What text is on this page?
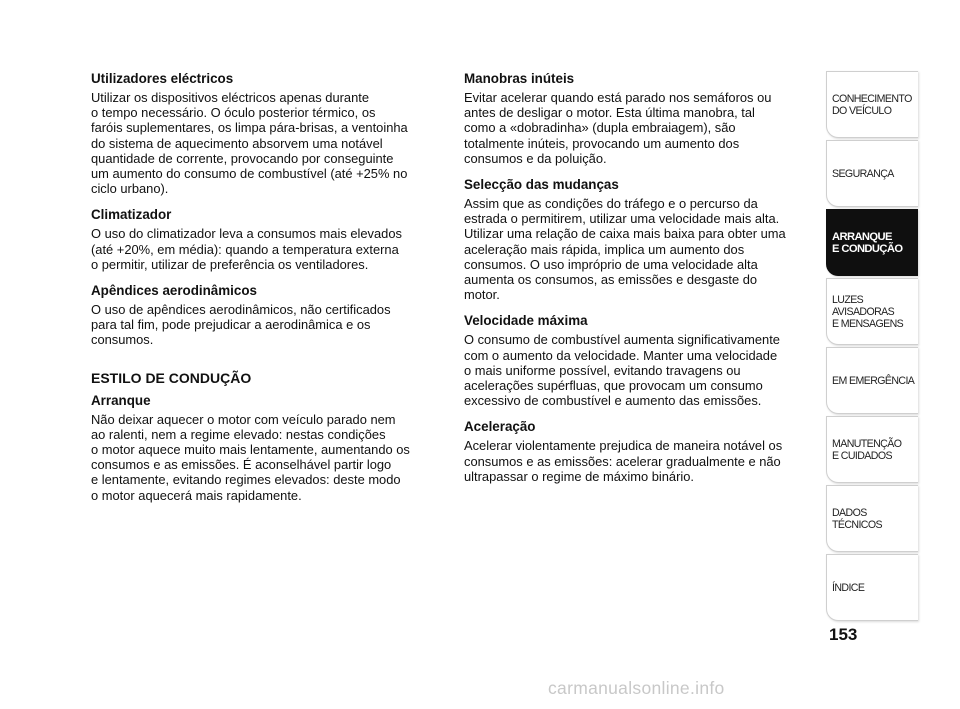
Utilizadores eléctricos

Utilizar os dispositivos eléctricos apenas durante
o tempo necessário. O óculo posterior térmico, os
faróis suplementares, os limpa pára-brisas, a ventoinha
do sistema de aquecimento absorvem uma notável
quantidade de corrente, provocando por conseguinte
um aumento do consumo de combustível (até +25% no
ciclo urbano).

Climatizador

O uso do climatizador leva a consumos mais elevados
(até +20%, em média): quando a temperatura externa
o permitir, utilizar de preferência os ventiladores.

Apêndices aerodinâmicos

O uso de apêndices aerodinâmicos, não certificados
para tal fim, pode prejudicar a aerodinâmica e os
consumos.

ESTILO DE CONDUÇÃO
Arranque

Não deixar aquecer o motor com veículo parado nem
ao ralenti, nem a regime elevado: nestas condições
o motor aquece muito mais lentamente, aumentando os
consumos e as emissões. É aconselhável partir logo
e lentamente, evitando regimes elevados: deste modo
o motor aquecerá mais rapidamente.

Manobras inúteis

Evitar acelerar quando está parado nos semáforos ou
antes de desligar o motor. Esta última manobra, tal
como a «dobradinha» (dupla embraiagem), são
totalmente inúteis, provocando um aumento dos
consumos e da poluição.

Selecção das mudanças

Assim que as condições do tráfego e o percurso da
estrada o permitirem, utilizar uma velocidade mais alta.
Utilizar uma relação de caixa mais baixa para obter uma
aceleração mais rápida, implica um aumento dos
consumos. O uso impróprio de uma velocidade alta
aumenta os consumos, as emissões e desgaste do
motor.

Velocidade máxima

O consumo de combustível aumenta significativamente
com o aumento da velocidade. Manter uma velocidade
o mais uniforme possível, evitando travagens ou
acelerações supérfluas, que provocam um consumo
excessivo de combustível e aumento das emissões.

Aceleração

Acelerar violentamente prejudica de maneira notável os
consumos e as emissões: acelerar gradualmente e não
ultrapassar o regime de máximo binário.

CONHECIMENTO
DO VEÍCULO
SEGURANÇA
ARRANQUE
E CONDUÇÃO
LUZES
AVISADORAS
E MENSAGENS
EM EMERGÊNCIA
MANUTENÇÃO
E CUIDADOS
DADOS
TÉCNICOS
ÍNDICE
153
carmanualsonline.info
